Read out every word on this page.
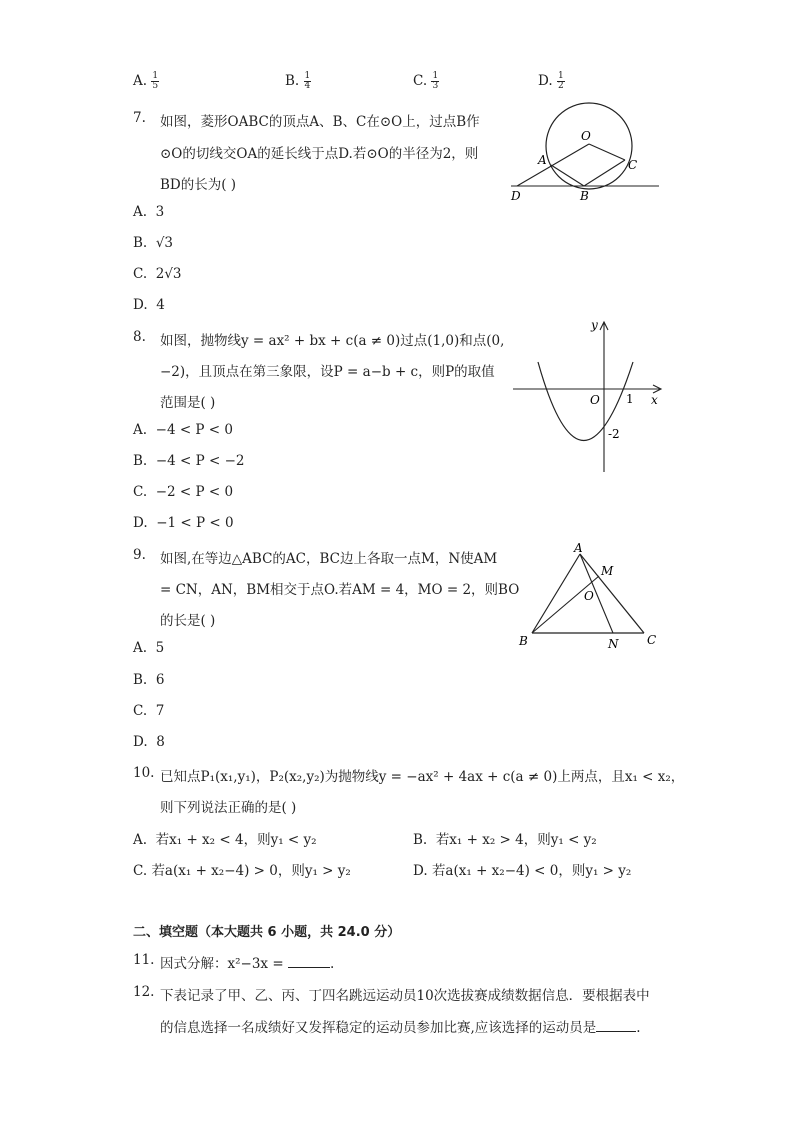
A. $\frac{1}{5}$	B. $\frac{1}{4}$	C. $\frac{1}{3}$	D. $\frac{1}{2}$
7. 如图，菱形OABC的顶点A、B、C在⊙O上，过点B作
⊙O的切线交OA的延长线于点D.若⊙O的半径为2，则
BD的长为( )
A. 3
B. √3
C. 2√3
D. 4
O
A	C
D	B
8. 如图，抛物线y = ax² + bx + c(a ≠ 0)过点(1,0)和点(0,
−2)，且顶点在第三象限，设P = a−b + c，则P的取值
范围是( )
A. −4 < P < 0
B. −4 < P < −2
C. −2 < P < 0
D. −1 < P < 0
y
x
O 1
-2
9. 如图,在等边△ABC的AC，BC边上各取一点M，N使AM
= CN，AN，BM相交于点O.若AM = 4，MO = 2，则BO
的长是( )
A. 5
B. 6
C. 7
D. 8
A
B	C
M
N
O
10. 已知点P₁(x₁,y₁)，P₂(x₂,y₂)为抛物线y = −ax² + 4ax + c(a ≠ 0)上两点，且x₁ < x₂，
则下列说法正确的是( )
A. 若x₁ + x₂ < 4，则y₁ < y₂	B. 若x₁ + x₂ > 4，则y₁ < y₂
C. 若a(x₁ + x₂−4) > 0，则y₁ > y₂	D. 若a(x₁ + x₂−4) < 0，则y₁ > y₂
二、填空题（本大题共 6 小题，共 24.0 分）
11. 因式分解：x²−3x =	.
12. 下表记录了甲、乙、丙、丁四名跳远运动员10次选拔赛成绩数据信息．要根据表中
的信息选择一名成绩好又发挥稳定的运动员参加比赛,应该选择的运动员是	.
